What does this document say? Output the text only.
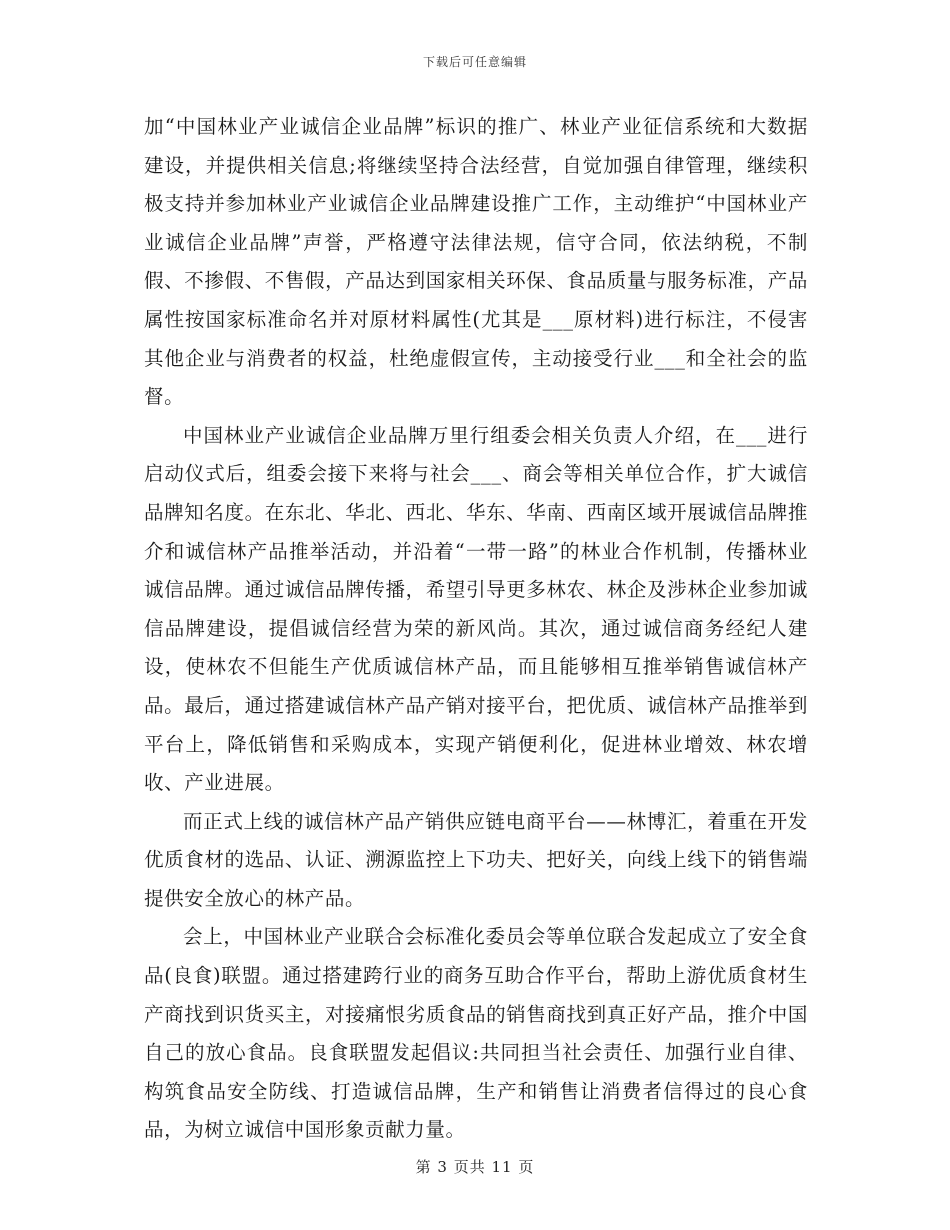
下载后可任意编辑

加“中国林业产业诚信企业品牌”标识的推广、林业产业征信系统和大数据建设，并提供相关信息;将继续坚持合法经营，自觉加强自律管理，继续积极支持并参加林业产业诚信企业品牌建设推广工作，主动维护“中国林业产业诚信企业品牌”声誉，严格遵守法律法规，信守合同，依法纳税，不制假、不掺假、不售假，产品达到国家相关环保、食品质量与服务标准，产品属性按国家标准命名并对原材料属性(尤其是___原材料)进行标注，不侵害其他企业与消费者的权益，杜绝虚假宣传，主动接受行业___和全社会的监督。

中国林业产业诚信企业品牌万里行组委会相关负责人介绍，在___进行启动仪式后，组委会接下来将与社会___、商会等相关单位合作，扩大诚信品牌知名度。在东北、华北、西北、华东、华南、西南区域开展诚信品牌推介和诚信林产品推举活动，并沿着“一带一路”的林业合作机制，传播林业诚信品牌。通过诚信品牌传播，希望引导更多林农、林企及涉林企业参加诚信品牌建设，提倡诚信经营为荣的新风尚。其次，通过诚信商务经纪人建设，使林农不但能生产优质诚信林产品，而且能够相互推举销售诚信林产品。最后，通过搭建诚信林产品产销对接平台，把优质、诚信林产品推举到平台上，降低销售和采购成本，实现产销便利化，促进林业增效、林农增收、产业进展。

而正式上线的诚信林产品产销供应链电商平台——林博汇，着重在开发优质食材的选品、认证、溯源监控上下功夫、把好关，向线上线下的销售端提供安全放心的林产品。

会上，中国林业产业联合会标准化委员会等单位联合发起成立了安全食品(良食)联盟。通过搭建跨行业的商务互助合作平台，帮助上游优质食材生产商找到识货买主，对接痛恨劣质食品的销售商找到真正好产品，推介中国自己的放心食品。良食联盟发起倡议:共同担当社会责任、加强行业自律、构筑食品安全防线、打造诚信品牌，生产和销售让消费者信得过的良心食品，为树立诚信中国形象贡献力量。

第 3 页共 11 页
